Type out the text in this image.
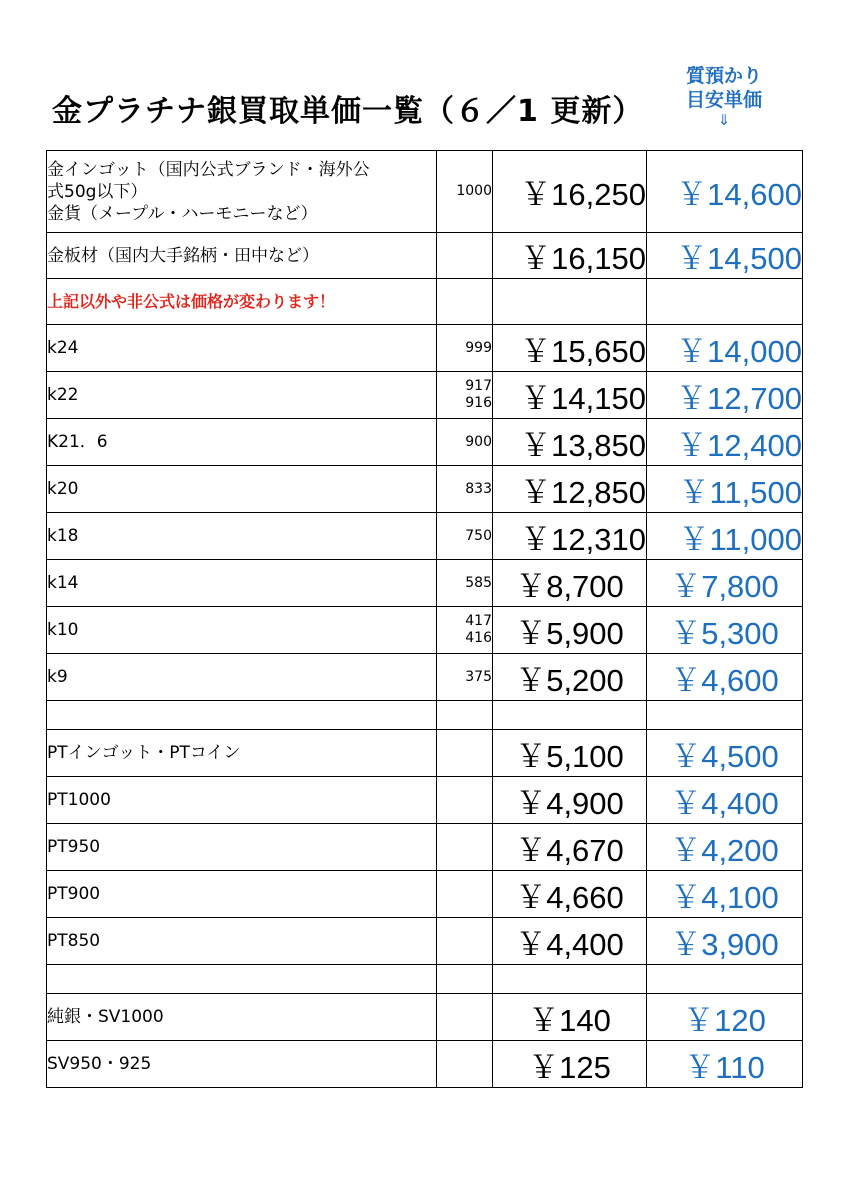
金プラチナ銀買取単価一覧（６／1 更新）
質預かり
目安単価
⇓
金インゴット（国内公式ブランド・海外公
式50g以下）
金貨（メープル・ハーモニーなど）	1000	￥16,250	￥14,600

金板材（国内大手銘柄・田中など）		￥16,150	￥14,500

上記以外や非公式は価格が変わります！			

k24	999	￥15,650	￥14,000

k22	917
916	￥14,150	￥12,700

K21．6	900	￥13,850	￥12,400

k20	833	￥12,850	￥11,500

k18	750	￥12,310	￥11,000

k14	585	￥8,700	￥7,800

k10	417
416	￥5,900	￥5,300

k9	375	￥5,200	￥4,600

PTインゴット・PTコイン		￥5,100	￥4,500

PT1000		￥4,900	￥4,400

PT950		￥4,670	￥4,200

PT900		￥4,660	￥4,100

PT850		￥4,400	￥3,900

純銀・SV1000		￥140	￥120

SV950・925		￥125	￥110
